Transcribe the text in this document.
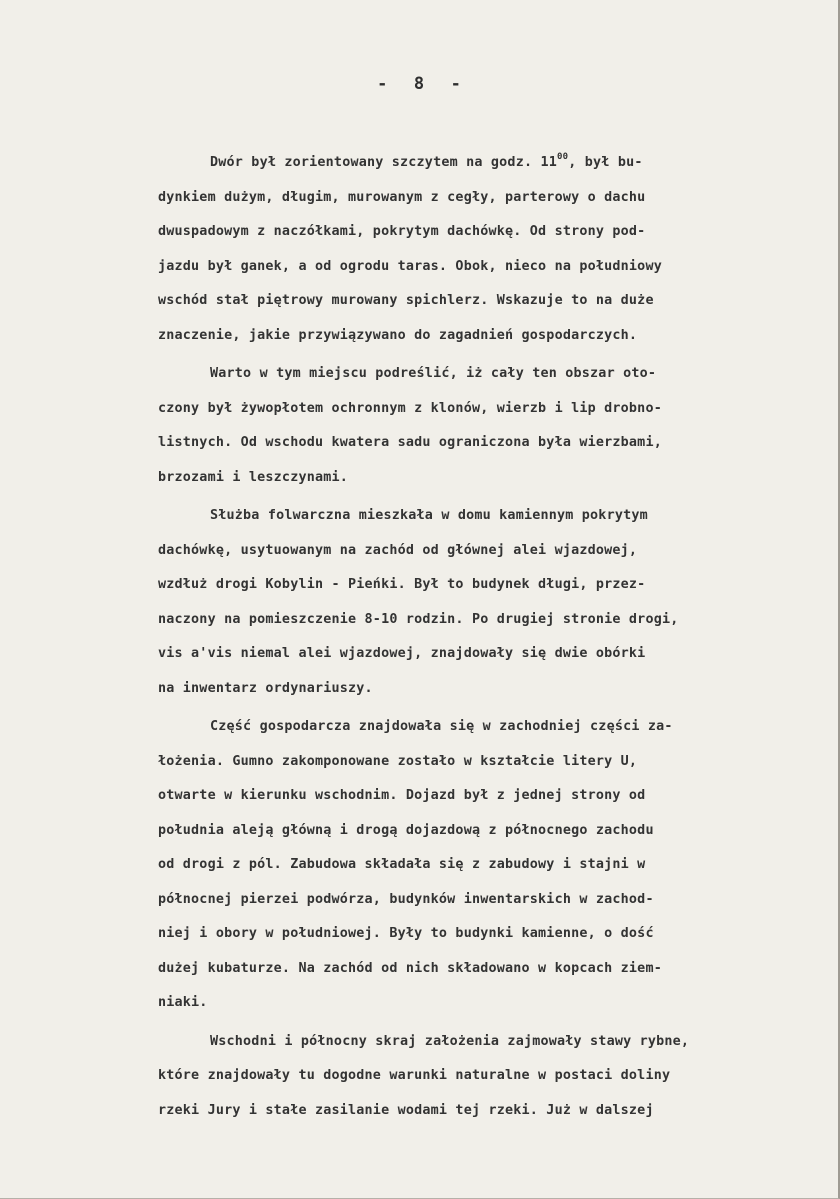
-  8  -
Dwór był zorientowany szczytem na godz. $11^{00}$, był bu-
dynkiem dużym, długim, murowanym z cegły, parterowy o dachu
dwuspadowym z naczółkami, pokrytym dachówkę. Od strony pod-
jazdu był ganek, a od ogrodu taras. Obok, nieco na południowy
wschód stał piętrowy murowany spichlerz. Wskazuje to na duże
znaczenie, jakie przywiązywano do zagadnień gospodarczych.
Warto w tym miejscu podreślić, iż cały ten obszar oto-
czony był żywopłotem ochronnym z klonów, wierzb i lip drobno-
listnych. Od wschodu kwatera sadu ograniczona była wierzbami,
brzozami i leszczynami.
Służba folwarczna mieszkała w domu kamiennym pokrytym
dachówkę, usytuowanym na zachód od głównej alei wjazdowej,
wzdłuż drogi Kobylin - Pieńki. Był to budynek długi, przez-
naczony na pomieszczenie 8-10 rodzin. Po drugiej stronie drogi,
vis a'vis niemal alei wjazdowej, znajdowały się dwie obórki
na inwentarz ordynariuszy.
Część gospodarcza znajdowała się w zachodniej części za-
łożenia. Gumno zakomponowane zostało w kształcie litery U,
otwarte w kierunku wschodnim. Dojazd był z jednej strony od
południa aleją główną i drogą dojazdową z północnego zachodu
od drogi z pól. Zabudowa składała się z zabudowy i stajni w
północnej pierzei podwórza, budynków inwentarskich w zachod-
niej i obory w południowej. Były to budynki kamienne, o dość
dużej kubaturze. Na zachód od nich składowano w kopcach ziem-
niaki.
Wschodni i północny skraj założenia zajmowały stawy rybne,
które znajdowały tu dogodne warunki naturalne w postaci doliny
rzeki Jury i stałe zasilanie wodami tej rzeki. Już w dalszej
